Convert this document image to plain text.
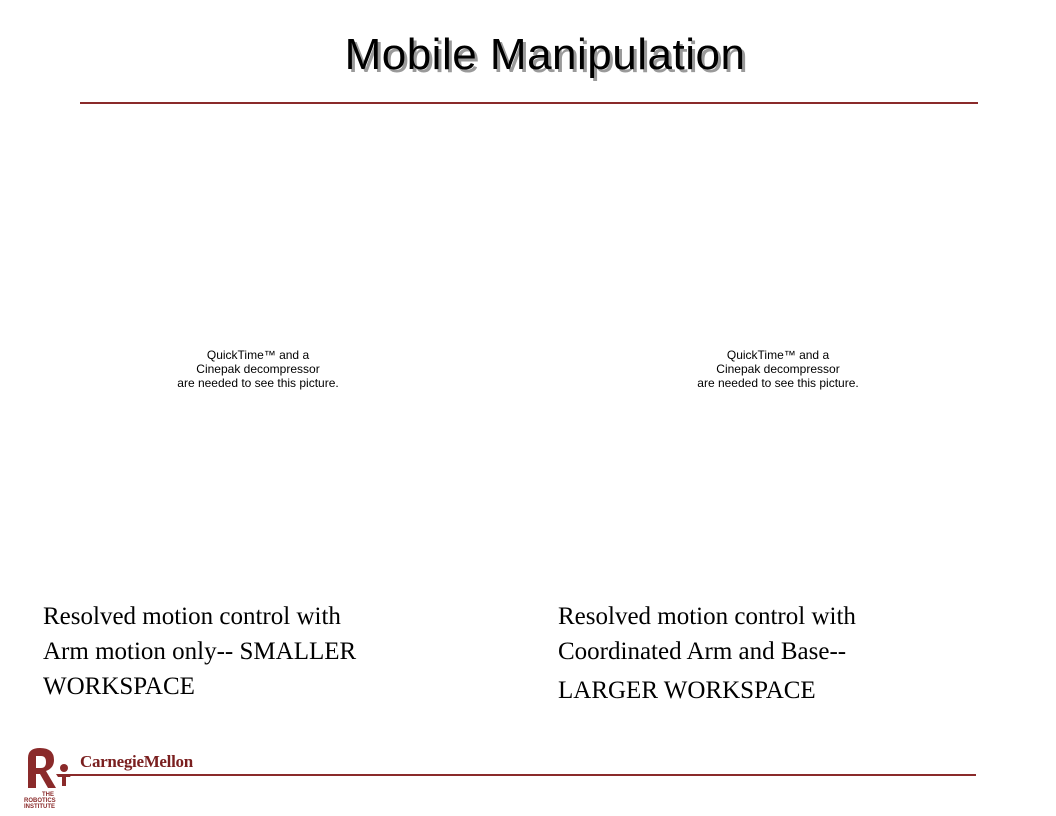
Mobile Manipulation
QuickTime™ and a
Cinepak decompressor
are needed to see this picture.
QuickTime™ and a
Cinepak decompressor
are needed to see this picture.
Resolved motion control with
Arm motion only-- SMALLER
WORKSPACE
Resolved motion control with
Coordinated Arm and Base--
LARGER WORKSPACE
THE
ROBOTICS
INSTITUTE
CarnegieMellon
